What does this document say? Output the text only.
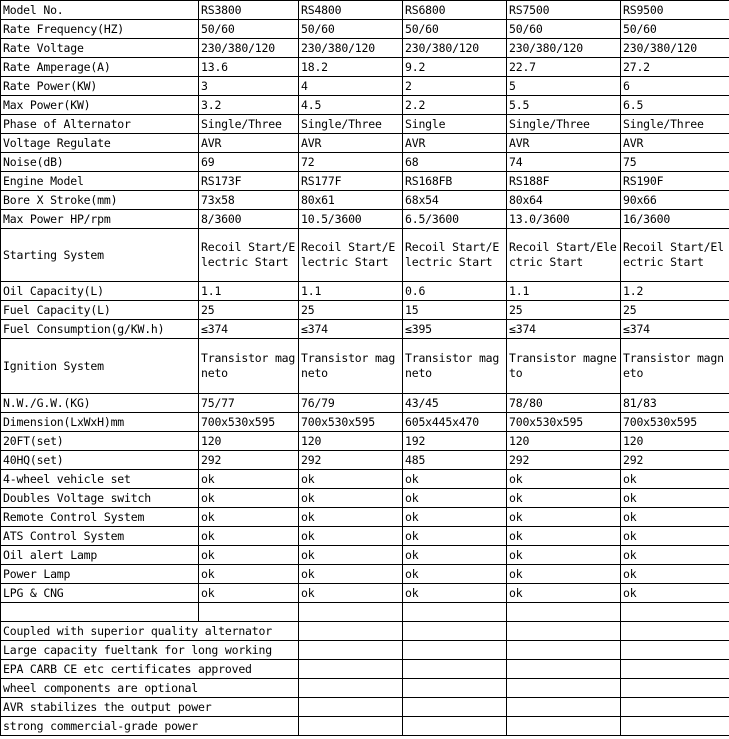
Model No.	RS3800	RS4800	RS6800	RS7500	RS9500
Rate Frequency(HZ)	50/60	50/60	50/60	50/60	50/60
Rate Voltage	230/380/120	230/380/120	230/380/120	230/380/120	230/380/120
Rate Amperage(A)	13.6	18.2	9.2	22.7	27.2
Rate Power(KW)	3	4	2	5	6
Max Power(KW)	3.2	4.5	2.2	5.5	6.5
Phase of Alternator	Single/Three	Single/Three	Single	Single/Three	Single/Three
Voltage Regulate	AVR	AVR	AVR	AVR	AVR
Noise(dB)	69	72	68	74	75
Engine Model	RS173F	RS177F	RS168FB	RS188F	RS190F
Bore X Stroke(mm)	73x58	80x61	68x54	80x64	90x66
Max Power HP/rpm	8/3600	10.5/3600	6.5/3600	13.0/3600	16/3600
Starting System	Recoil Start/Electric Start	Recoil Start/Electric Start	Recoil Start/Electric Start	Recoil Start/Electric Start	Recoil Start/Electric Start
Oil Capacity(L)	1.1	1.1	0.6	1.1	1.2
Fuel Capacity(L)	25	25	15	25	25
Fuel Consumption(g/KW.h)	≤374	≤374	≤395	≤374	≤374
Ignition System	Transistor magneto	Transistor magneto	Transistor magneto	Transistor magneto	Transistor magneto
N.W./G.W.(KG)	75/77	76/79	43/45	78/80	81/83
Dimension(LxWxH)mm	700x530x595	700x530x595	605x445x470	700x530x595	700x530x595
20FT(set)	120	120	192	120	120
40HQ(set)	292	292	485	292	292
4-wheel vehicle set	ok	ok	ok	ok	ok
Doubles Voltage switch	ok	ok	ok	ok	ok
Remote Control System	ok	ok	ok	ok	ok
ATS Control System	ok	ok	ok	ok	ok
Oil alert Lamp	ok	ok	ok	ok	ok
Power Lamp	ok	ok	ok	ok	ok
LPG & CNG	ok	ok	ok	ok	ok

Coupled with superior quality alternator					
Large capacity fueltank for long working					
EPA CARB CE etc certificates approved					
wheel components are optional					
AVR stabilizes the output power					
strong commercial-grade power					
